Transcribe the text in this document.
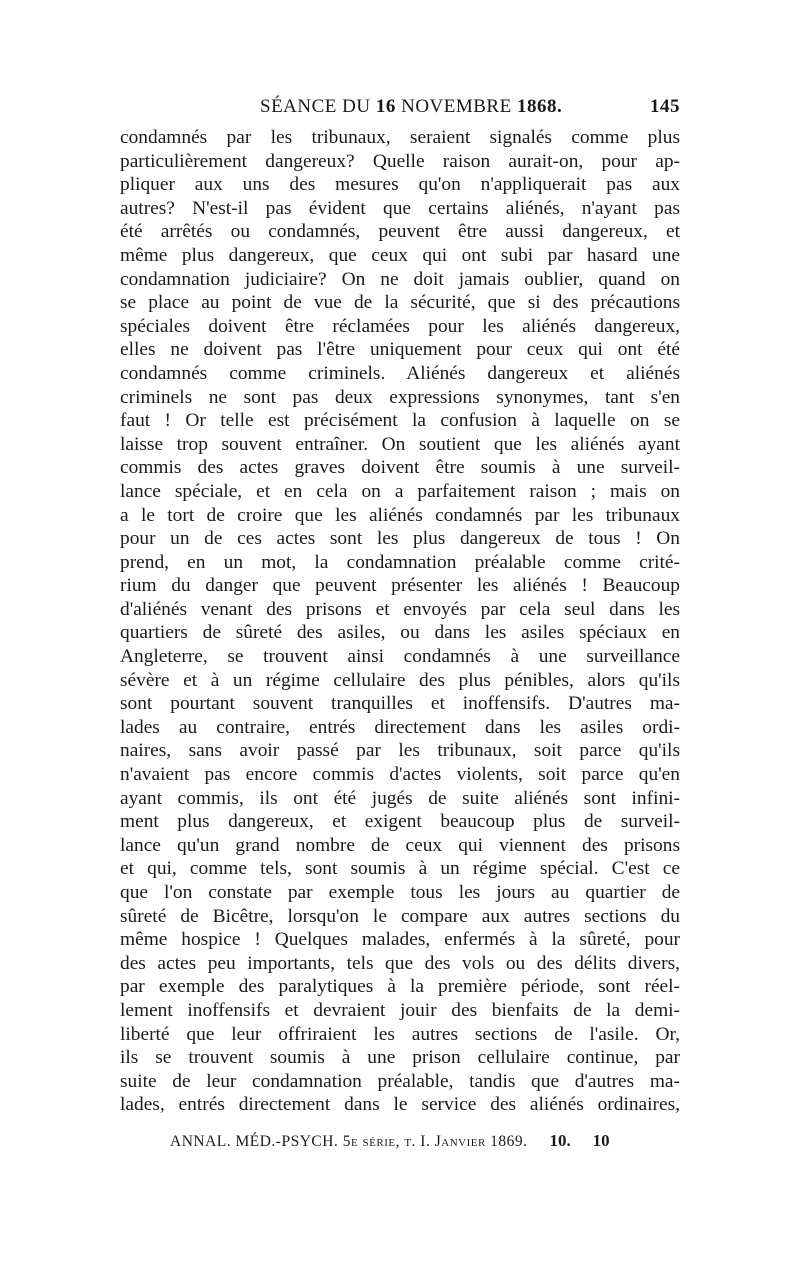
SÉANCE DU 16 NOVEMBRE 1868.	145
condamnés par les tribunaux, seraient signalés comme plus
particulièrement dangereux? Quelle raison aurait-on, pour ap-
pliquer aux uns des mesures qu'on n'appliquerait pas aux
autres? N'est-il pas évident que certains aliénés, n'ayant pas
été arrêtés ou condamnés, peuvent être aussi dangereux, et
même plus dangereux, que ceux qui ont subi par hasard une
condamnation judiciaire? On ne doit jamais oublier, quand on
se place au point de vue de la sécurité, que si des précautions
spéciales doivent être réclamées pour les aliénés dangereux,
elles ne doivent pas l'être uniquement pour ceux qui ont été
condamnés comme criminels. Aliénés dangereux et aliénés
criminels ne sont pas deux expressions synonymes, tant s'en
faut ! Or telle est précisément la confusion à laquelle on se
laisse trop souvent entraîner. On soutient que les aliénés ayant
commis des actes graves doivent être soumis à une surveil-
lance spéciale, et en cela on a parfaitement raison ; mais on
a le tort de croire que les aliénés condamnés par les tribunaux
pour un de ces actes sont les plus dangereux de tous ! On
prend, en un mot, la condamnation préalable comme crité-
rium du danger que peuvent présenter les aliénés ! Beaucoup
d'aliénés venant des prisons et envoyés par cela seul dans les
quartiers de sûreté des asiles, ou dans les asiles spéciaux en
Angleterre, se trouvent ainsi condamnés à une surveillance
sévère et à un régime cellulaire des plus pénibles, alors qu'ils
sont pourtant souvent tranquilles et inoffensifs. D'autres ma-
lades au contraire, entrés directement dans les asiles ordi-
naires, sans avoir passé par les tribunaux, soit parce qu'ils
n'avaient pas encore commis d'actes violents, soit parce qu'en
ayant commis, ils ont été jugés de suite aliénés sont infini-
ment plus dangereux, et exigent beaucoup plus de surveil-
lance qu'un grand nombre de ceux qui viennent des prisons
et qui, comme tels, sont soumis à un régime spécial. C'est ce
que l'on constate par exemple tous les jours au quartier de
sûreté de Bicêtre, lorsqu'on le compare aux autres sections du
même hospice ! Quelques malades, enfermés à la sûreté, pour
des actes peu importants, tels que des vols ou des délits divers,
par exemple des paralytiques à la première période, sont réel-
lement inoffensifs et devraient jouir des bienfaits de la demi-
liberté que leur offriraient les autres sections de l'asile. Or,
ils se trouvent soumis à une prison cellulaire continue, par
suite de leur condamnation préalable, tandis que d'autres ma-
lades, entrés directement dans le service des aliénés ordinaires,
ANNAL. MÉD.-PSYCH. 5e série, t. I. Janvier 1869. 10. 10
